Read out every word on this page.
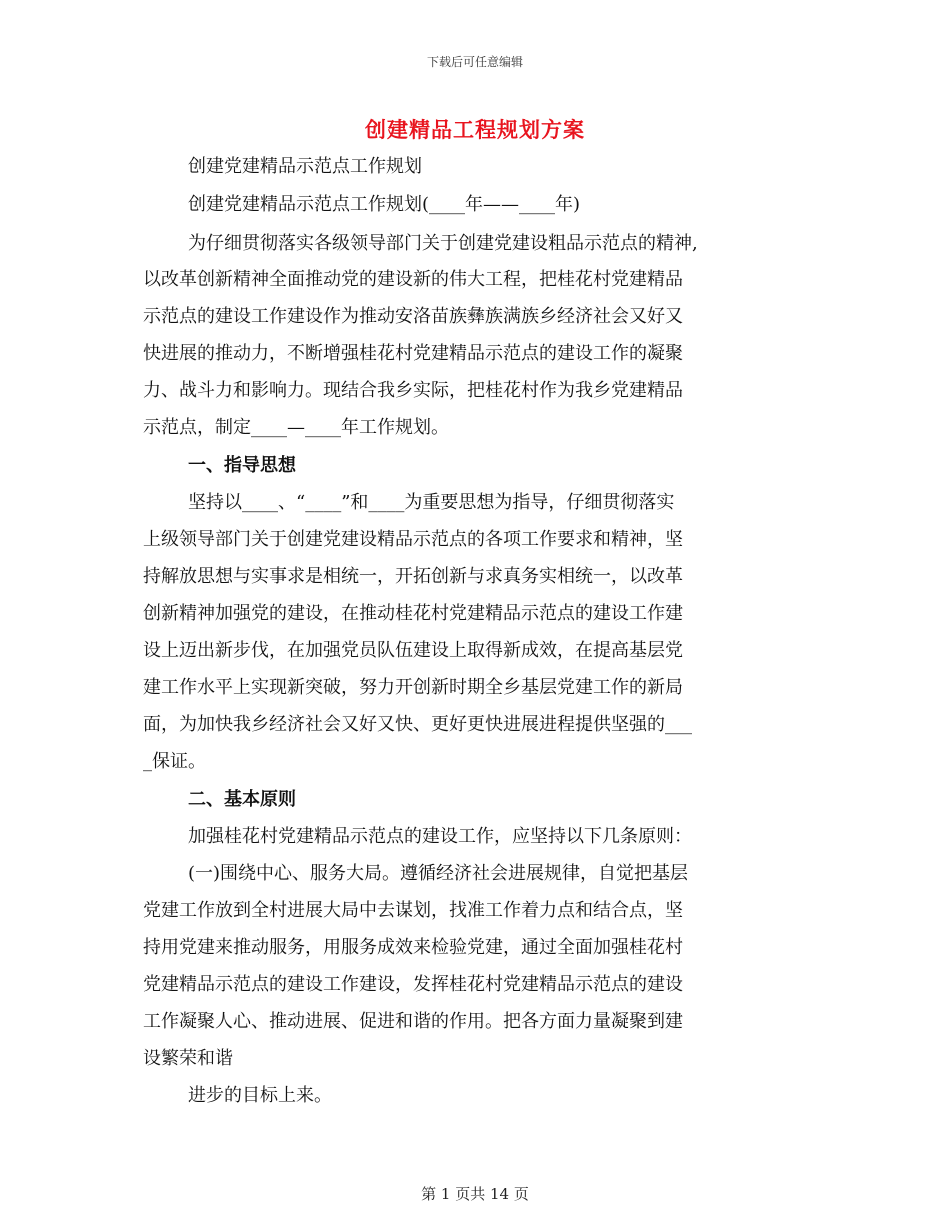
下载后可任意编辑
创建精品工程规划方案
创建党建精品示范点工作规划
创建党建精品示范点工作规划(____年——____年)
为仔细贯彻落实各级领导部门关于创建党建设粗品示范点的精神,
以改革创新精神全面推动党的建设新的伟大工程，把桂花村党建精品
示范点的建设工作建设作为推动安洛苗族彝族满族乡经济社会又好又
快进展的推动力，不断增强桂花村党建精品示范点的建设工作的凝聚
力、战斗力和影响力。现结合我乡实际，把桂花村作为我乡党建精品
示范点，制定____—____年工作规划。
一、指导思想
坚持以____、“____”和____为重要思想为指导，仔细贯彻落实
上级领导部门关于创建党建设精品示范点的各项工作要求和精神，坚
持解放思想与实事求是相统一，开拓创新与求真务实相统一，以改革
创新精神加强党的建设，在推动桂花村党建精品示范点的建设工作建
设上迈出新步伐，在加强党员队伍建设上取得新成效，在提高基层党
建工作水平上实现新突破，努力开创新时期全乡基层党建工作的新局
面，为加快我乡经济社会又好又快、更好更快进展进程提供坚强的___
_保证。
二、基本原则
加强桂花村党建精品示范点的建设工作，应坚持以下几条原则：
(一)围绕中心、服务大局。遵循经济社会进展规律，自觉把基层
党建工作放到全村进展大局中去谋划，找准工作着力点和结合点，坚
持用党建来推动服务，用服务成效来检验党建，通过全面加强桂花村
党建精品示范点的建设工作建设，发挥桂花村党建精品示范点的建设
工作凝聚人心、推动进展、促进和谐的作用。把各方面力量凝聚到建
设繁荣和谐
进步的目标上来。
第 1 页共 14 页
